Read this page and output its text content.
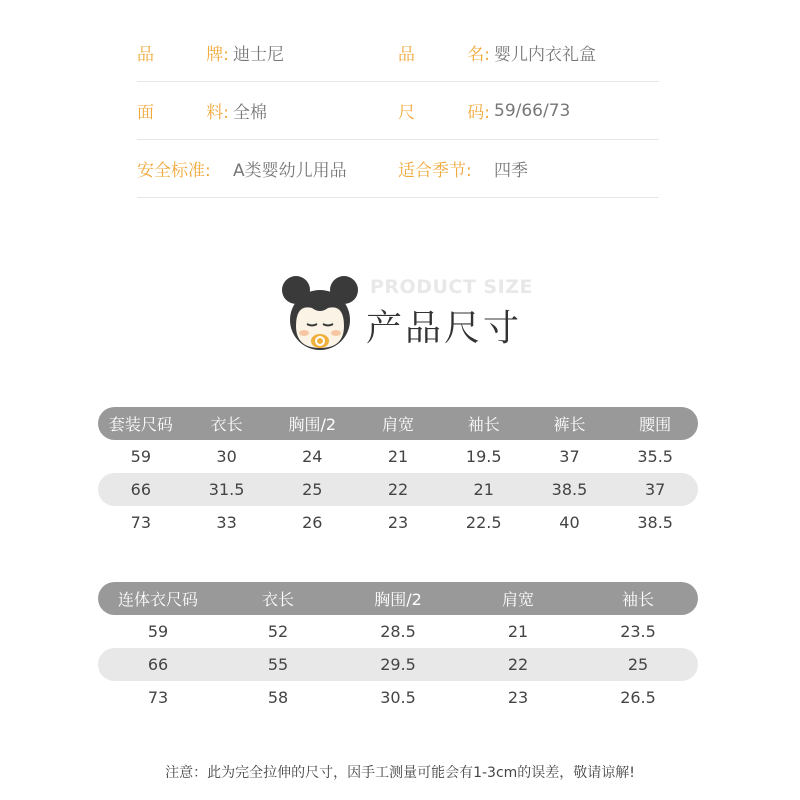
品	牌: 迪士尼	品	名: 婴儿内衣礼盒
面	料: 全棉	尺	码: 59/66/73
安全标准: A类婴幼儿用品	适合季节: 四季
PRODUCT SIZE
产品尺寸
套装尺码	衣长	胸围/2	肩宽	袖长	裤长	腰围
59	30	24	21	19.5	37	35.5
66	31.5	25	22	21	38.5	37
73	33	26	23	22.5	40	38.5
连体衣尺码	衣长	胸围/2	肩宽	袖长
59	52	28.5	21	23.5
66	55	29.5	22	25
73	58	30.5	23	26.5
注意：此为完全拉伸的尺寸，因手工测量可能会有1-3cm的误差，敬请谅解!
